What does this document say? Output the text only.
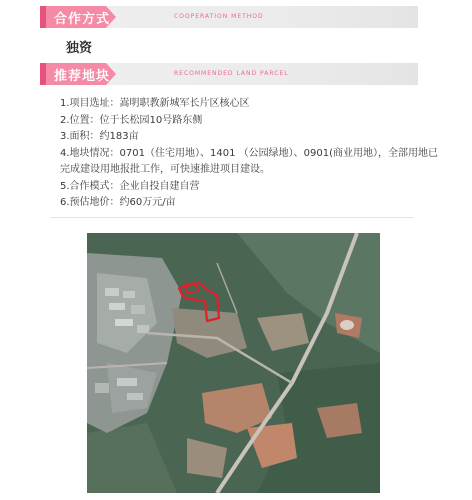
合作方式	COOPERATION METHOD
独资
推荐地块	RECOMMENDED LAND PARCEL
1.项目选址：嵩明职教新城军长片区核心区
2.位置：位于长松园10号路东侧
3.面积：约183亩
4.地块情况：0701（住宅用地）、1401 （公园绿地）、0901(商业用地），全部用地已完成建设用地报批工作，可快速推进项目建设。
5.合作模式：企业自投自建自营
6.预估地价：约60万元/亩
